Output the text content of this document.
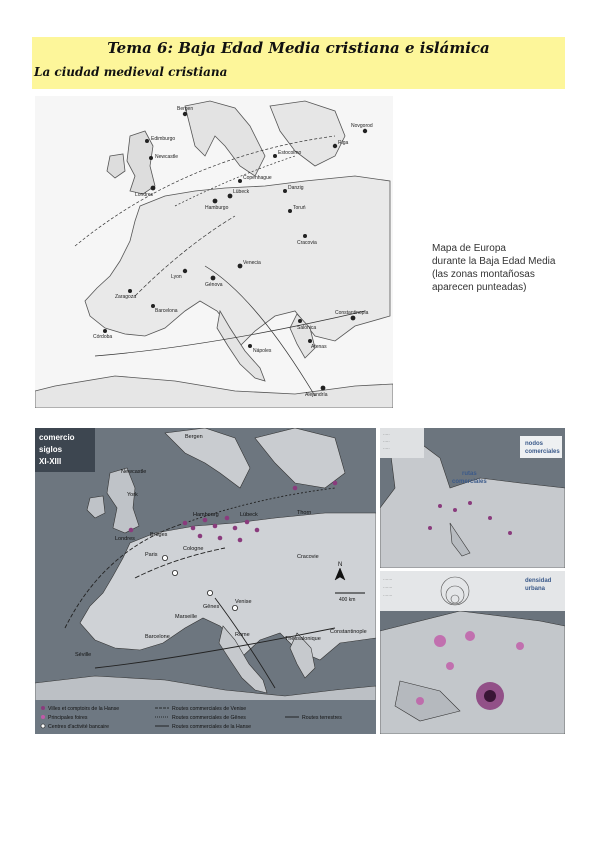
Tema 6: Baja Edad Media cristiana e islámica
La ciudad medieval cristiana
Bergen
Edimburgo
Newcastle
Londres
Hamburgo
Lübeck
Copenhague
Estocolmo
Riga
Novgorod
Danzig
Toruń
Cracovia
Lyon
Génova
Venecia
Zaragoza
Barcelona
Córdoba
Nápoles
Atenas
Constantinopla
Alejandría
Salónica
Mapa de Europa
durante la Baja Edad Media
(las zonas montañosas
aparecen punteadas)
comercio
siglos
XI-XIII
Bergen
Newcastle
York
Londres
Bruges
Paris
Lübeck
Hambourg
Cologne
Thorn
Cracovie
Venise
Gênes
Marseille
Barcelone
Séville
Rome	Constantinople
Thessalonique
N
400 km
Villes et comptoirs de la Hanse
Principales foires
Centres d'activité bancaire
Routes commerciales de Venise
Routes commerciales de Gênes
Routes commerciales de la Hanse
Routes terrestres
·····
·····
·····
nodos
comerciales
rutas
comerciales
·······
·······
·······
densidad
urbana
